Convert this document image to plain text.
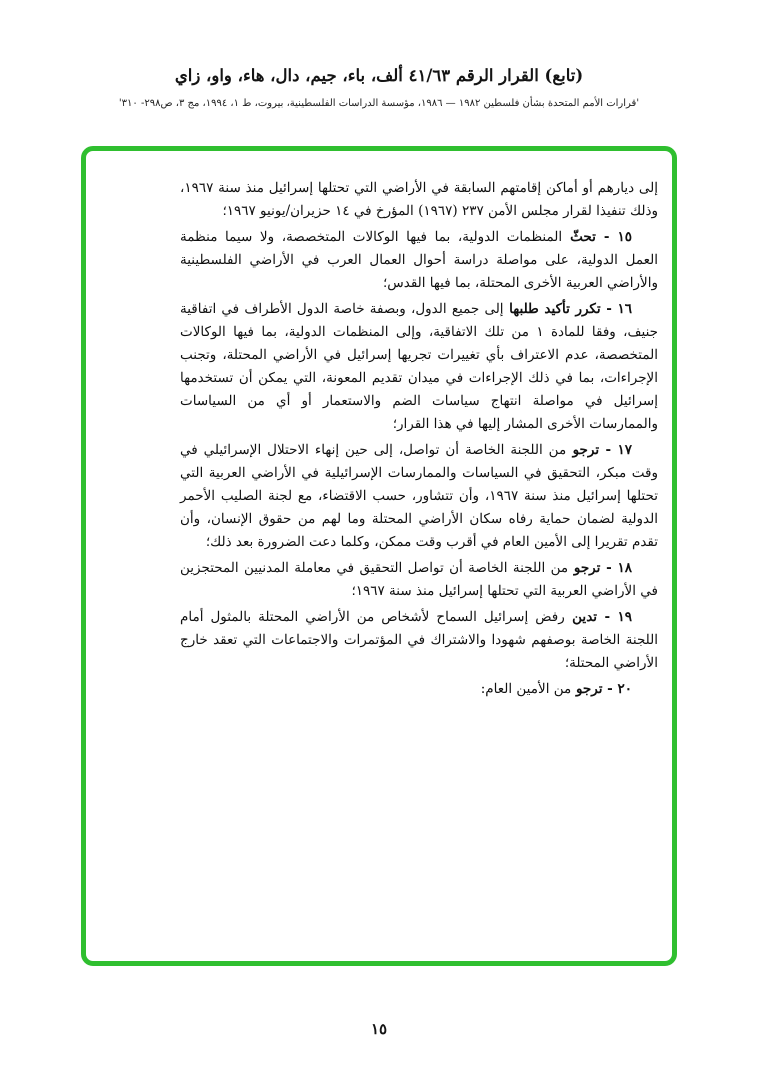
(تابع) القرار الرقم ٤١/٦٣ ألف، باء، جيم، دال، هاء، واو، زاي
'قرارات الأمم المتحدة بشأن فلسطين ١٩٨٢ — ١٩٨٦، مؤسسة الدراسات الفلسطينية، بيروت، ط ١، ١٩٩٤، مج ٣، ص٢٩٨- ٣١٠'

إلى ديارهم أو أماكن إقامتهم السابقة في الأراضي التي تحتلها إسرائيل منذ سنة ١٩٦٧، وذلك تنفيذا لقرار مجلس الأمن ٢٣٧ (١٩٦٧) المؤرخ في ١٤ حزيران/يونيو ١٩٦٧؛

١٥ - تحثّ المنظمات الدولية، بما فيها الوكالات المتخصصة، ولا سيما منظمة العمل الدولية، على مواصلة دراسة أحوال العمال العرب في الأراضي الفلسطينية والأراضي العربية الأخرى المحتلة، بما فيها القدس؛

١٦ - تكرر تأكيد طلبها إلى جميع الدول، وبصفة خاصة الدول الأطراف في اتفاقية جنيف، وفقا للمادة ١ من تلك الاتفاقية، وإلى المنظمات الدولية، بما فيها الوكالات المتخصصة، عدم الاعتراف بأي تغييرات تجريها إسرائيل في الأراضي المحتلة، وتجنب الإجراءات، بما في ذلك الإجراءات في ميدان تقديم المعونة، التي يمكن أن تستخدمها إسرائيل في مواصلة انتهاج سياسات الضم والاستعمار أو أي من السياسات والممارسات الأخرى المشار إليها في هذا القرار؛

١٧ - ترجو من اللجنة الخاصة أن تواصل، إلى حين إنهاء الاحتلال الإسرائيلي في وقت مبكر، التحقيق في السياسات والممارسات الإسرائيلية في الأراضي العربية التي تحتلها إسرائيل منذ سنة ١٩٦٧، وأن تتشاور، حسب الاقتضاء، مع لجنة الصليب الأحمر الدولية لضمان حماية رفاه سكان الأراضي المحتلة وما لهم من حقوق الإنسان، وأن تقدم تقريرا إلى الأمين العام في أقرب وقت ممكن، وكلما دعت الضرورة بعد ذلك؛

١٨ - ترجو من اللجنة الخاصة أن تواصل التحقيق في معاملة المدنيين المحتجزين في الأراضي العربية التي تحتلها إسرائيل منذ سنة ١٩٦٧؛

١٩ - تدين رفض إسرائيل السماح لأشخاص من الأراضي المحتلة بالمثول أمام اللجنة الخاصة بوصفهم شهودا والاشتراك في المؤتمرات والاجتماعات التي تعقد خارج الأراضي المحتلة؛

٢٠ - ترجو من الأمين العام:

١٥
